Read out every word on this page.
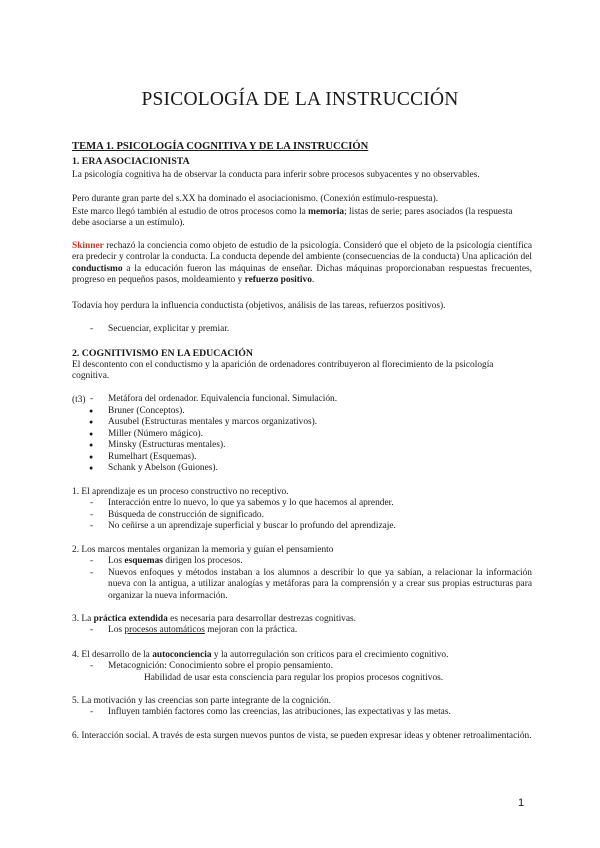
PSICOLOGÍA DE LA INSTRUCCIÓN

TEMA 1. PSICOLOGÍA COGNITIVA Y DE LA INSTRUCCIÓN

1. ERA ASOCIACIONISTA

La psicología cognitiva ha de observar la conducta para inferir sobre procesos subyacentes y no observables.

Pero durante gran parte del s.XX ha dominado el asociacionismo. (Conexión estímulo-respuesta).

Este marco llegó también al estudio de otros procesos como la memoria; listas de serie; pares asociados (la respuesta debe asociarse a un estímulo).

Skinner rechazó la conciencia como objeto de estudio de la psicología. Consideró que el objeto de la psicología científica era predecir y controlar la conducta. La conducta depende del ambiente (consecuencias de la conducta) Una aplicación del conductismo a la educación fueron las máquinas de enseñar. Dichas máquinas proporcionaban respuestas frecuentes, progreso en pequeños pasos, moldeamiento y refuerzo positivo.

Todavía hoy perdura la influencia conductista (objetivos, análisis de las tareas, refuerzos positivos).

- Secuenciar, explicitar y premiar.

2. COGNITIVISMO EN LA EDUCACIÓN

El descontento con el conductismo y la aparición de ordenadores contribuyeron al florecimiento de la psicología cognitiva.

- Metáfora del ordenador. Equivalencia funcional. Simulación.

(t3)

● Bruner (Conceptos).
● Ausubel (Estructuras mentales y marcos organizativos).
● Miller (Número mágico).
● Minsky (Estructuras mentales).
● Rumelhart (Esquemas).
● Schank y Abelson (Guiones).
1. El aprendizaje es un proceso constructivo no receptivo.
- Interacción entre lo nuevo, lo que ya sabemos y lo que hacemos al aprender.
- Búsqueda de construcción de significado.
- No ceñirse a un aprendizaje superficial y buscar lo profundo del aprendizaje.
2. Los marcos mentales organizan la memoria y guían el pensamiento
- Los esquemas dirigen los procesos.
- Nuevos enfoques y métodos instaban a los alumnos a describir lo que ya sabían, a relacionar la información nueva con la antigua, a utilizar analogías y metáforas para la comprensión y a crear sus propias estructuras para organizar la nueva información.
3. La práctica extendida es necesaria para desarrollar destrezas cognitivas.
- Los procesos automáticos mejoran con la práctica.
4. El desarrollo de la autoconciencia y la autorregulación son críticos para el crecimiento cognitivo.
- Metacognición: Conocimiento sobre el propio pensamiento.
Habilidad de usar esta consciencia para regular los propios procesos cognitivos.
5. La motivación y las creencias son parte integrante de la cognición.
- Influyen también factores como las creencias, las atribuciones, las expectativas y las metas.

6. Interacción social. A través de esta surgen nuevos puntos de vista, se pueden expresar ideas y obtener retroalimentación.

1
